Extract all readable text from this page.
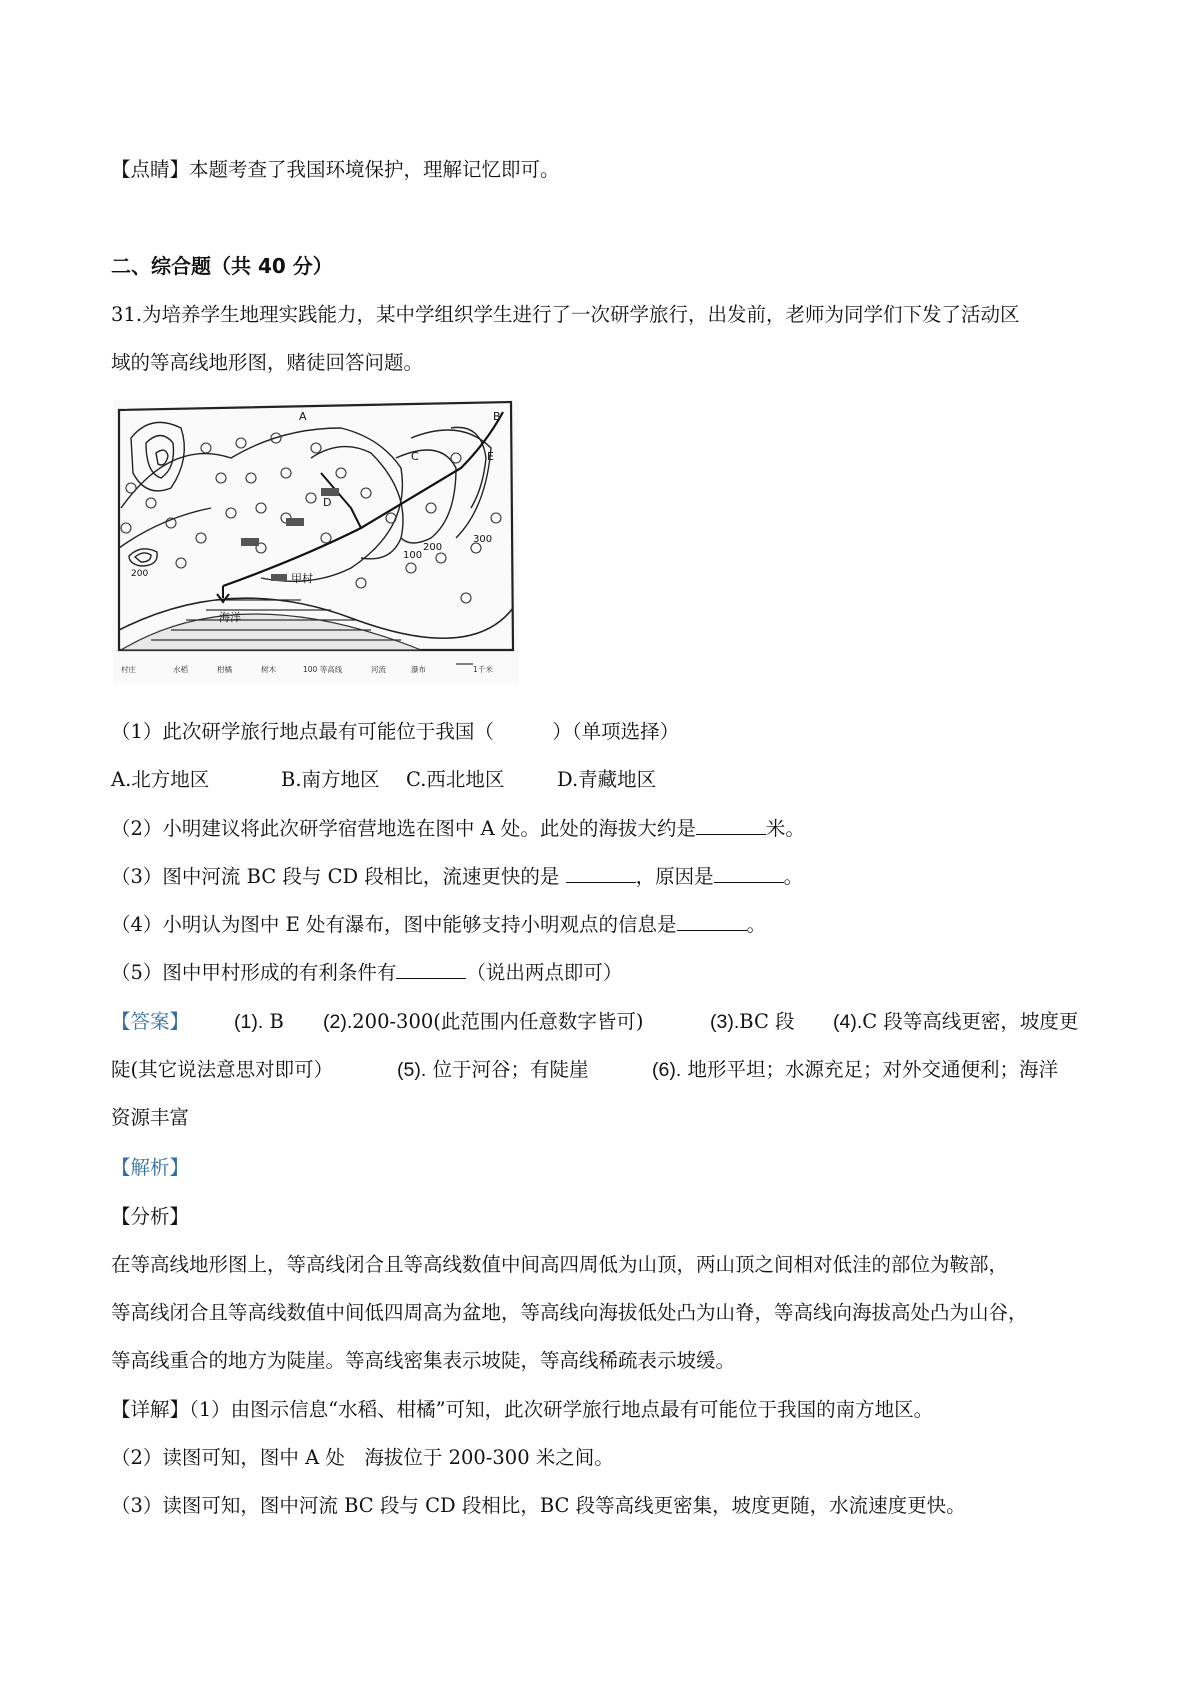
【点睛】本题考查了我国环境保护，理解记忆即可。
二、综合题（共 40 分）
31.为培养学生地理实践能力，某中学组织学生进行了一次研学旅行，出发前，老师为同学们下发了活动区
域的等高线地形图，赌徒回答问题。
A	B
C
D
E
100
200
300
200	甲村
海洋
村庄	水稻	柑橘	树木	100 等高线	河流	瀑布	1千米
（1）此次研学旅行地点最有可能位于我国（　　　）（单项选择）
A.北方地区	B.南方地区 C.西北地区	D.青藏地区
（2）小明建议将此次研学宿营地选在图中 A 处。此处的海拔大约是	米。
（3）图中河流 BC 段与 CD 段相比，流速更快的是	，原因是	。
（4）小明认为图中 E 处有瀑布，图中能够支持小明观点的信息是	。
（5）图中甲村形成的有利条件有	（说出两点即可）
【答案】 (1). B (2).200-300(此范围内任意数字皆可)	(3).BC 段 (4).C 段等高线更密，坡度更
陡(其它说法意思对即可）	(5). 位于河谷；有陡崖	(6). 地形平坦；水源充足；对外交通便利；海洋
资源丰富
【解析】
【分析】
在等高线地形图上，等高线闭合且等高线数值中间高四周低为山顶，两山顶之间相对低洼的部位为鞍部，
等高线闭合且等高线数值中间低四周高为盆地，等高线向海拔低处凸为山脊，等高线向海拔高处凸为山谷，
等高线重合的地方为陡崖。等高线密集表示坡陡，等高线稀疏表示坡缓。
【详解】（1）由图示信息“水稻、柑橘”可知，此次研学旅行地点最有可能位于我国的南方地区。
（2）读图可知，图中 A 处　海拔位于 200-300 米之间。
（3）读图可知，图中河流 BC 段与 CD 段相比，BC 段等高线更密集，坡度更随，水流速度更快。
